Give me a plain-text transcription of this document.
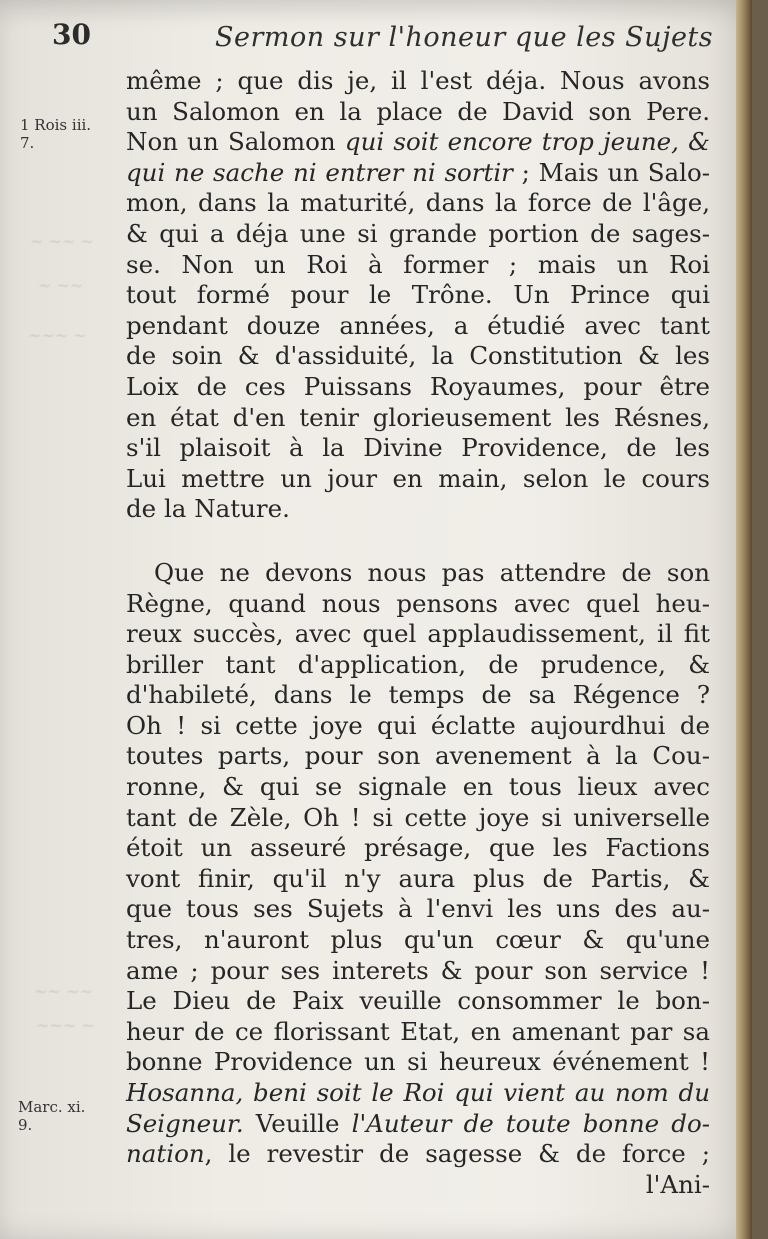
~ ~~ ~
~ ~~
~~~ ~
~~ ~~
~~~ ~
30	Sermon sur l'honeur que les Sujets
1 Rois iii.
7.
Marc. xi.
9.
même ; que dis je, il l'est déja. Nous avons
un Salomon en la place de David son Pere.
Non un Salomon qui soit encore trop jeune, &
qui ne sache ni entrer ni sortir ; Mais un Salo-
mon, dans la maturité, dans la force de l'âge,
& qui a déja une si grande portion de sages-
se. Non un Roi à former ; mais un Roi
tout formé pour le Trône. Un Prince qui
pendant douze années, a étudié avec tant
de soin & d'assiduité, la Constitution & les
Loix de ces Puissans Royaumes, pour être
en état d'en tenir glorieusement les Résnes,
s'il plaisoit à la Divine Providence, de les
Lui mettre un jour en main, selon le cours
de la Nature.
Que ne devons nous pas attendre de son
Règne, quand nous pensons avec quel heu-
reux succès, avec quel applaudissement, il fit
briller tant d'application, de prudence, &
d'habileté, dans le temps de sa Régence ?
Oh ! si cette joye qui éclatte aujourdhui de
toutes parts, pour son avenement à la Cou-
ronne, & qui se signale en tous lieux avec
tant de Zèle, Oh ! si cette joye si universelle
étoit un asseuré présage, que les Factions
vont finir, qu'il n'y aura plus de Partis, &
que tous ses Sujets à l'envi les uns des au-
tres, n'auront plus qu'un cœur & qu'une
ame ; pour ses interets & pour son service !
Le Dieu de Paix veuille consommer le bon-
heur de ce florissant Etat, en amenant par sa
bonne Providence un si heureux événement !
Hosanna, beni soit le Roi qui vient au nom du
Seigneur. Veuille l'Auteur de toute bonne do-
nation, le revestir de sagesse & de force ;
l'Ani-
